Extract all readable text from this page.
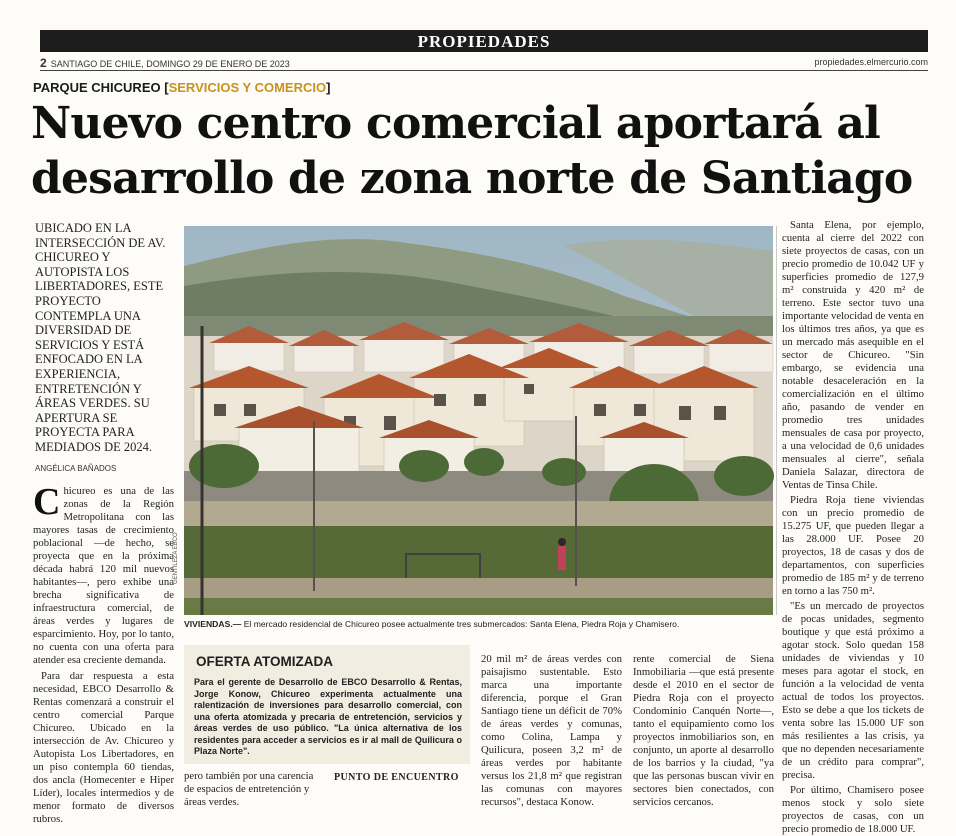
PROPIEDADES
2 SANTIAGO DE CHILE, DOMINGO 29 DE ENERO DE 2023	propiedades.elmercurio.com
PARQUE CHICUREO [SERVICIOS Y COMERCIO]
Nuevo centro comercial aportará al desarrollo de zona norte de Santiago
UBICADO EN LA INTERSECCIÓN DE AV. CHICUREO Y AUTOPISTA LOS LIBERTADORES, ESTE PROYECTO CONTEMPLA UNA DIVERSIDAD DE SERVICIOS Y ESTÁ ENFOCADO EN LA EXPERIENCIA, ENTRETENCIÓN Y ÁREAS VERDES. SU APERTURA SE PROYECTA PARA MEDIADOS DE 2024.
ANGÉLICA BAÑADOS

Chicureo es una de las zonas de la Región Metropolitana con las mayores tasas de crecimiento poblacional —de hecho, se proyecta que en la próxima década habrá 120 mil nuevos habitantes—, pero exhibe una brecha significativa de infraestructura comercial, de áreas verdes y lugares de esparcimiento. Hoy, por lo tanto, no cuenta con una oferta para atender esa creciente demanda.

Para dar respuesta a esta necesidad, EBCO Desarrollo & Rentas comenzará a construir el centro comercial Parque Chicureo. Ubicado en la intersección de Av. Chicureo y Autopista Los Libertadores, en un piso contempla 60 tiendas, dos ancla (Homecenter e Hiper Líder), locales intermedios y de menor formato de diversos rubros.

GENTILEZA EBCO
VIVIENDAS.— El mercado residencial de Chicureo posee actualmente tres submercados: Santa Elena, Piedra Roja y Chamisero.
OFERTA ATOMIZADA
Para el gerente de Desarrollo de EBCO Desarrollo & Rentas, Jorge Konow, Chicureo experimenta actualmente una ralentización de inversiones para desarrollo comercial, con una oferta atomizada y precaria de entretención, servicios y áreas verdes de uso público. "La única alternativa de los residentes para acceder a servicios es ir al mall de Quilicura o Plaza Norte".
pero también por una carencia de espacios de entretención y áreas verdes.
PUNTO DE ENCUENTRO
20 mil m² de áreas verdes con paisajismo sustentable. Esto marca una importante diferencia, porque el Gran Santiago tiene un déficit de 70% de áreas verdes y comunas, como Colina, Lampa y Quilicura, poseen 3,2 m² de áreas verdes por habitante versus los 21,8 m² que registran las comunas con mayores recursos", destaca Konow.
rente comercial de Siena Inmobiliaria —que está presente desde el 2010 en el sector de Piedra Roja con el proyecto Condominio Canquén Norte—, tanto el equipamiento como los proyectos inmobiliarios son, en conjunto, un aporte al desarrollo de los barrios y la ciudad, "ya que las personas buscan vivir en sectores bien conectados, con servicios cercanos.

Santa Elena, por ejemplo, cuenta al cierre del 2022 con siete proyectos de casas, con un precio promedio de 10.042 UF y superficies promedio de 127,9 m² construida y 420 m² de terreno. Este sector tuvo una importante velocidad de venta en los últimos tres años, ya que es un mercado más asequible en el sector de Chicureo. "Sin embargo, se evidencia una notable desaceleración en la comercialización en el último año, pasando de vender en promedio tres unidades mensuales de casa por proyecto, a una velocidad de 0,6 unidades mensuales al cierre", señala Daniela Salazar, directora de Ventas de Tinsa Chile.

Piedra Roja tiene viviendas con un precio promedio de 15.275 UF, que pueden llegar a las 28.000 UF. Posee 20 proyectos, 18 de casas y dos de departamentos, con superficies promedio de 185 m² y de terreno en torno a las 750 m².

"Es un mercado de proyectos de pocas unidades, segmento boutique y que está próximo a agotar stock. Solo quedan 158 unidades de viviendas y 10 meses para agotar el stock, en función a la velocidad de venta actual de todos los proyectos. Esto se debe a que los tickets de venta sobre las 15.000 UF son más resilientes a las crisis, ya que no dependen necesariamente de un crédito para comprar", precisa.

Por último, Chamisero posee menos stock y solo siete proyectos de casas, con un precio promedio de 18.000 UF.
